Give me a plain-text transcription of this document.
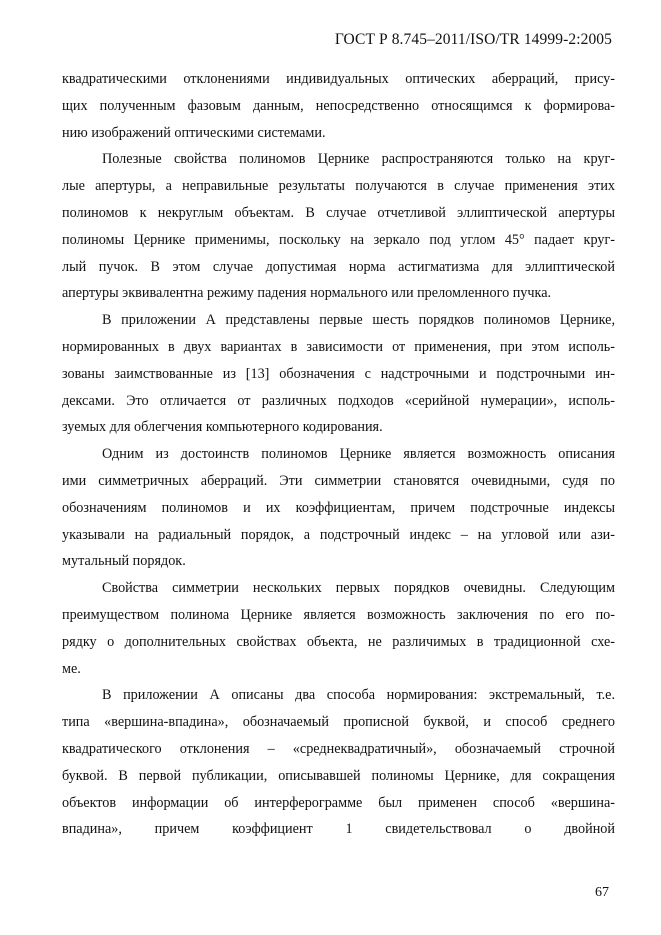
ГОСТ Р 8.745–2011/ISO/TR 14999-2:2005
квадратическими отклонениями индивидуальных оптических аберраций, прису-
щих полученным фазовым данным, непосредственно относящимся к формирова-
нию изображений оптическими системами.
Полезные свойства полиномов Цернике распространяются только на круг-
лые апертуры, а неправильные результаты получаются в случае применения этих
полиномов к некруглым объектам. В случае отчетливой эллиптической апертуры
полиномы Цернике применимы, поскольку на зеркало под углом 45° падает круг-
лый пучок. В этом случае допустимая норма астигматизма для эллиптической
апертуры эквивалентна режиму падения нормального или преломленного пучка.
В приложении А представлены первые шесть порядков полиномов Цернике,
нормированных в двух вариантах в зависимости от применения, при этом исполь-
зованы заимствованные из [13] обозначения с надстрочными и подстрочными ин-
дексами. Это отличается от различных подходов «серийной нумерации», исполь-
зуемых для облегчения компьютерного кодирования.
Одним из достоинств полиномов Цернике является возможность описания
ими симметричных аберраций. Эти симметрии становятся очевидными, судя по
обозначениям полиномов и их коэффициентам, причем подстрочные индексы
указывали на радиальный порядок, а подстрочный индекс – на угловой или ази-
мутальный порядок.
Свойства симметрии нескольких первых порядков очевидны. Следующим
преимуществом полинома Цернике является возможность заключения по его по-
рядку о дополнительных свойствах объекта, не различимых в традиционной схе-
ме.
В приложении А описаны два способа нормирования: экстремальный, т.е.
типа «вершина-впадина», обозначаемый прописной буквой, и способ среднего
квадратического отклонения – «среднеквадратичный», обозначаемый строчной
буквой. В первой публикации, описывавшей полиномы Цернике, для сокращения
объектов информации об интерферограмме был применен способ «вершина-
впадина», причем коэффициент 1 свидетельствовал о двойной
67
